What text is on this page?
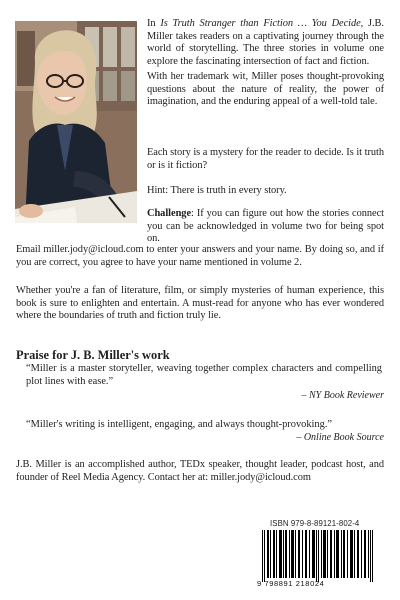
In Is Truth Stranger than Fiction … You Decide, J.B. Miller takes readers on a captivating journey through the world of storytelling. The three stories in volume one explore the fascinating intersection of fact and fiction.
With her trademark wit, Miller poses thought-provoking questions about the nature of reality, the power of imagination, and the enduring appeal of a well-told tale.
Each story is a mystery for the reader to decide. Is it truth or is it fiction?
Hint: There is truth in every story.
Challenge: If you can figure out how the stories connect you can be acknowledged in volume two for being spot on.
Email miller.jody@icloud.com to enter your answers and your name. By doing so, and if you are correct, you agree to have your name mentioned in volume 2.
Whether you're a fan of literature, film, or simply mysteries of human experience, this book is sure to enlighten and entertain. A must-read for anyone who has ever wondered where the boundaries of truth and fiction truly lie.
Praise for J. B. Miller's work
“Miller is a master storyteller, weaving together complex characters and compelling plot lines with ease.”
– NY Book Reviewer
“Miller's writing is intelligent, engaging, and always thought-provoking.”
– Online Book Source
J.B. Miller is an accomplished author, TEDx speaker, thought leader, podcast host, and founder of Reel Media Agency. Contact her at: miller.jody@icloud.com
ISBN 979-8-89121-802-4
9 798891 218024
